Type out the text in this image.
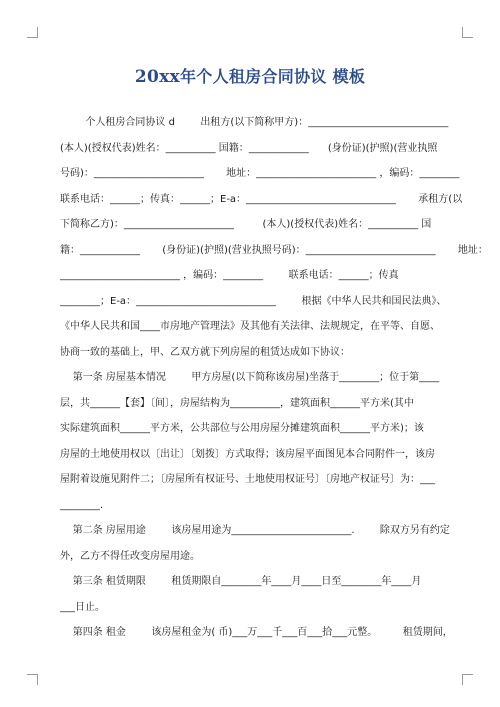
20xx年个人租房合同协议 模板
个人租房合同协议 d        出租方(以下简称甲方)：____________________________
(本人)(授权代表)姓名：__________ 国籍：____________      (身份证)(护照)(营业执照
号码)：______________________       地址：________________________ ，编码：________
联系电话：______；传真：______；E-a：______________________________       承租方(以
下简称乙方)：______________________         (本人)(授权代表)姓名：__________ 国
籍：____________       (身份证)(护照)(营业执照号码)：__________________________       地址：
________________________ ，编码：________        联系电话：______；传真
________；E-a：____________________________        根据《中华人民共和国民法典》、
《中华人民共和国____市房地产管理法》及其他有关法律、法规规定，在平等、自愿、
协商一致的基础上，甲、乙双方就下列房屋的租赁达成如下协议：
第一条 房屋基本情况        甲方房屋(以下简称该房屋)坐落于________；位于第____
层，共______【套】〔间〕，房屋结构为__________，建筑面积______平方米(其中
实际建筑面积______平方米，公共部位与公用房屋分摊建筑面积______平方米)；该
房屋的土地使用权以〔出让〕〔划拨〕方式取得；该房屋平面图见本合同附件一，该房
屋附着设施见附件二；〔房屋所有权证号、土地使用权证号〕〔房地产权证号〕为：___
________.
第二条 房屋用途        该房屋用途为________________________.        除双方另有约定
外，乙方不得任改变房屋用途。
第三条 租赁期限        租赁期限自________年____月____日至________年____月
___日止。
第四条 租金        该房屋租金为( 币)___万___千___百___拾___元整。        租赁期间，
